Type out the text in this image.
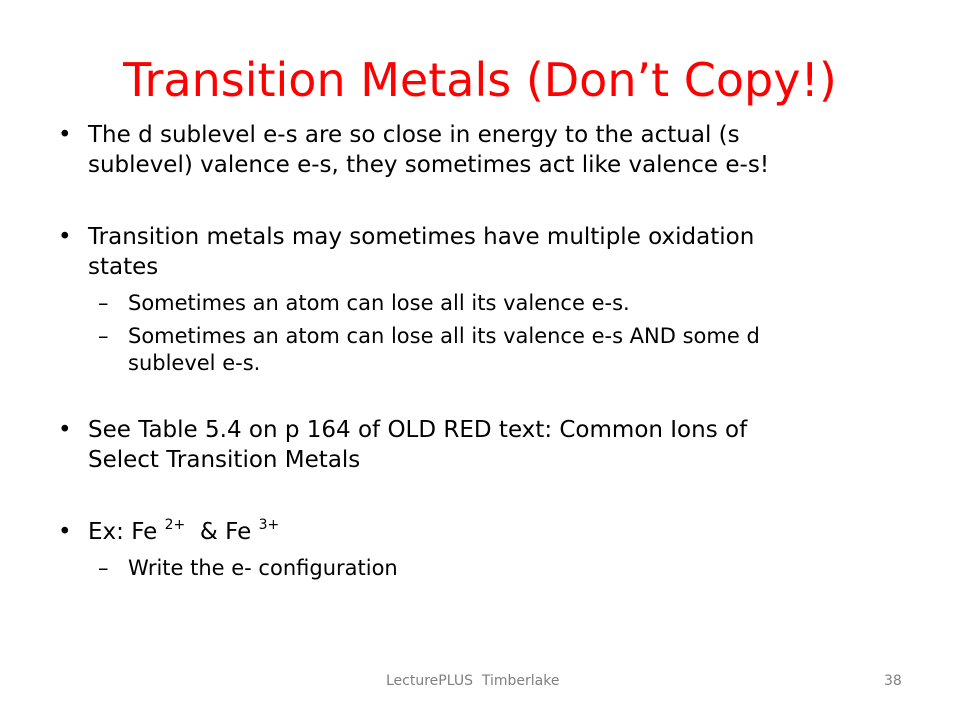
Transition Metals (Don’t Copy!)
• The d sublevel e-s are so close in energy to the actual (s
sublevel) valence e-s, they sometimes act like valence e-s!
• Transition metals may sometimes have multiple oxidation
states
– Sometimes an atom can lose all its valence e-s.
– Sometimes an atom can lose all its valence e-s AND some d
sublevel e-s.
• See Table 5.4 on p 164 of OLD RED text: Common Ions of
Select Transition Metals
• Ex: Fe $^{2+}$  & Fe $^{3+}$
– Write the e- configuration
LecturePLUS  Timberlake	38
